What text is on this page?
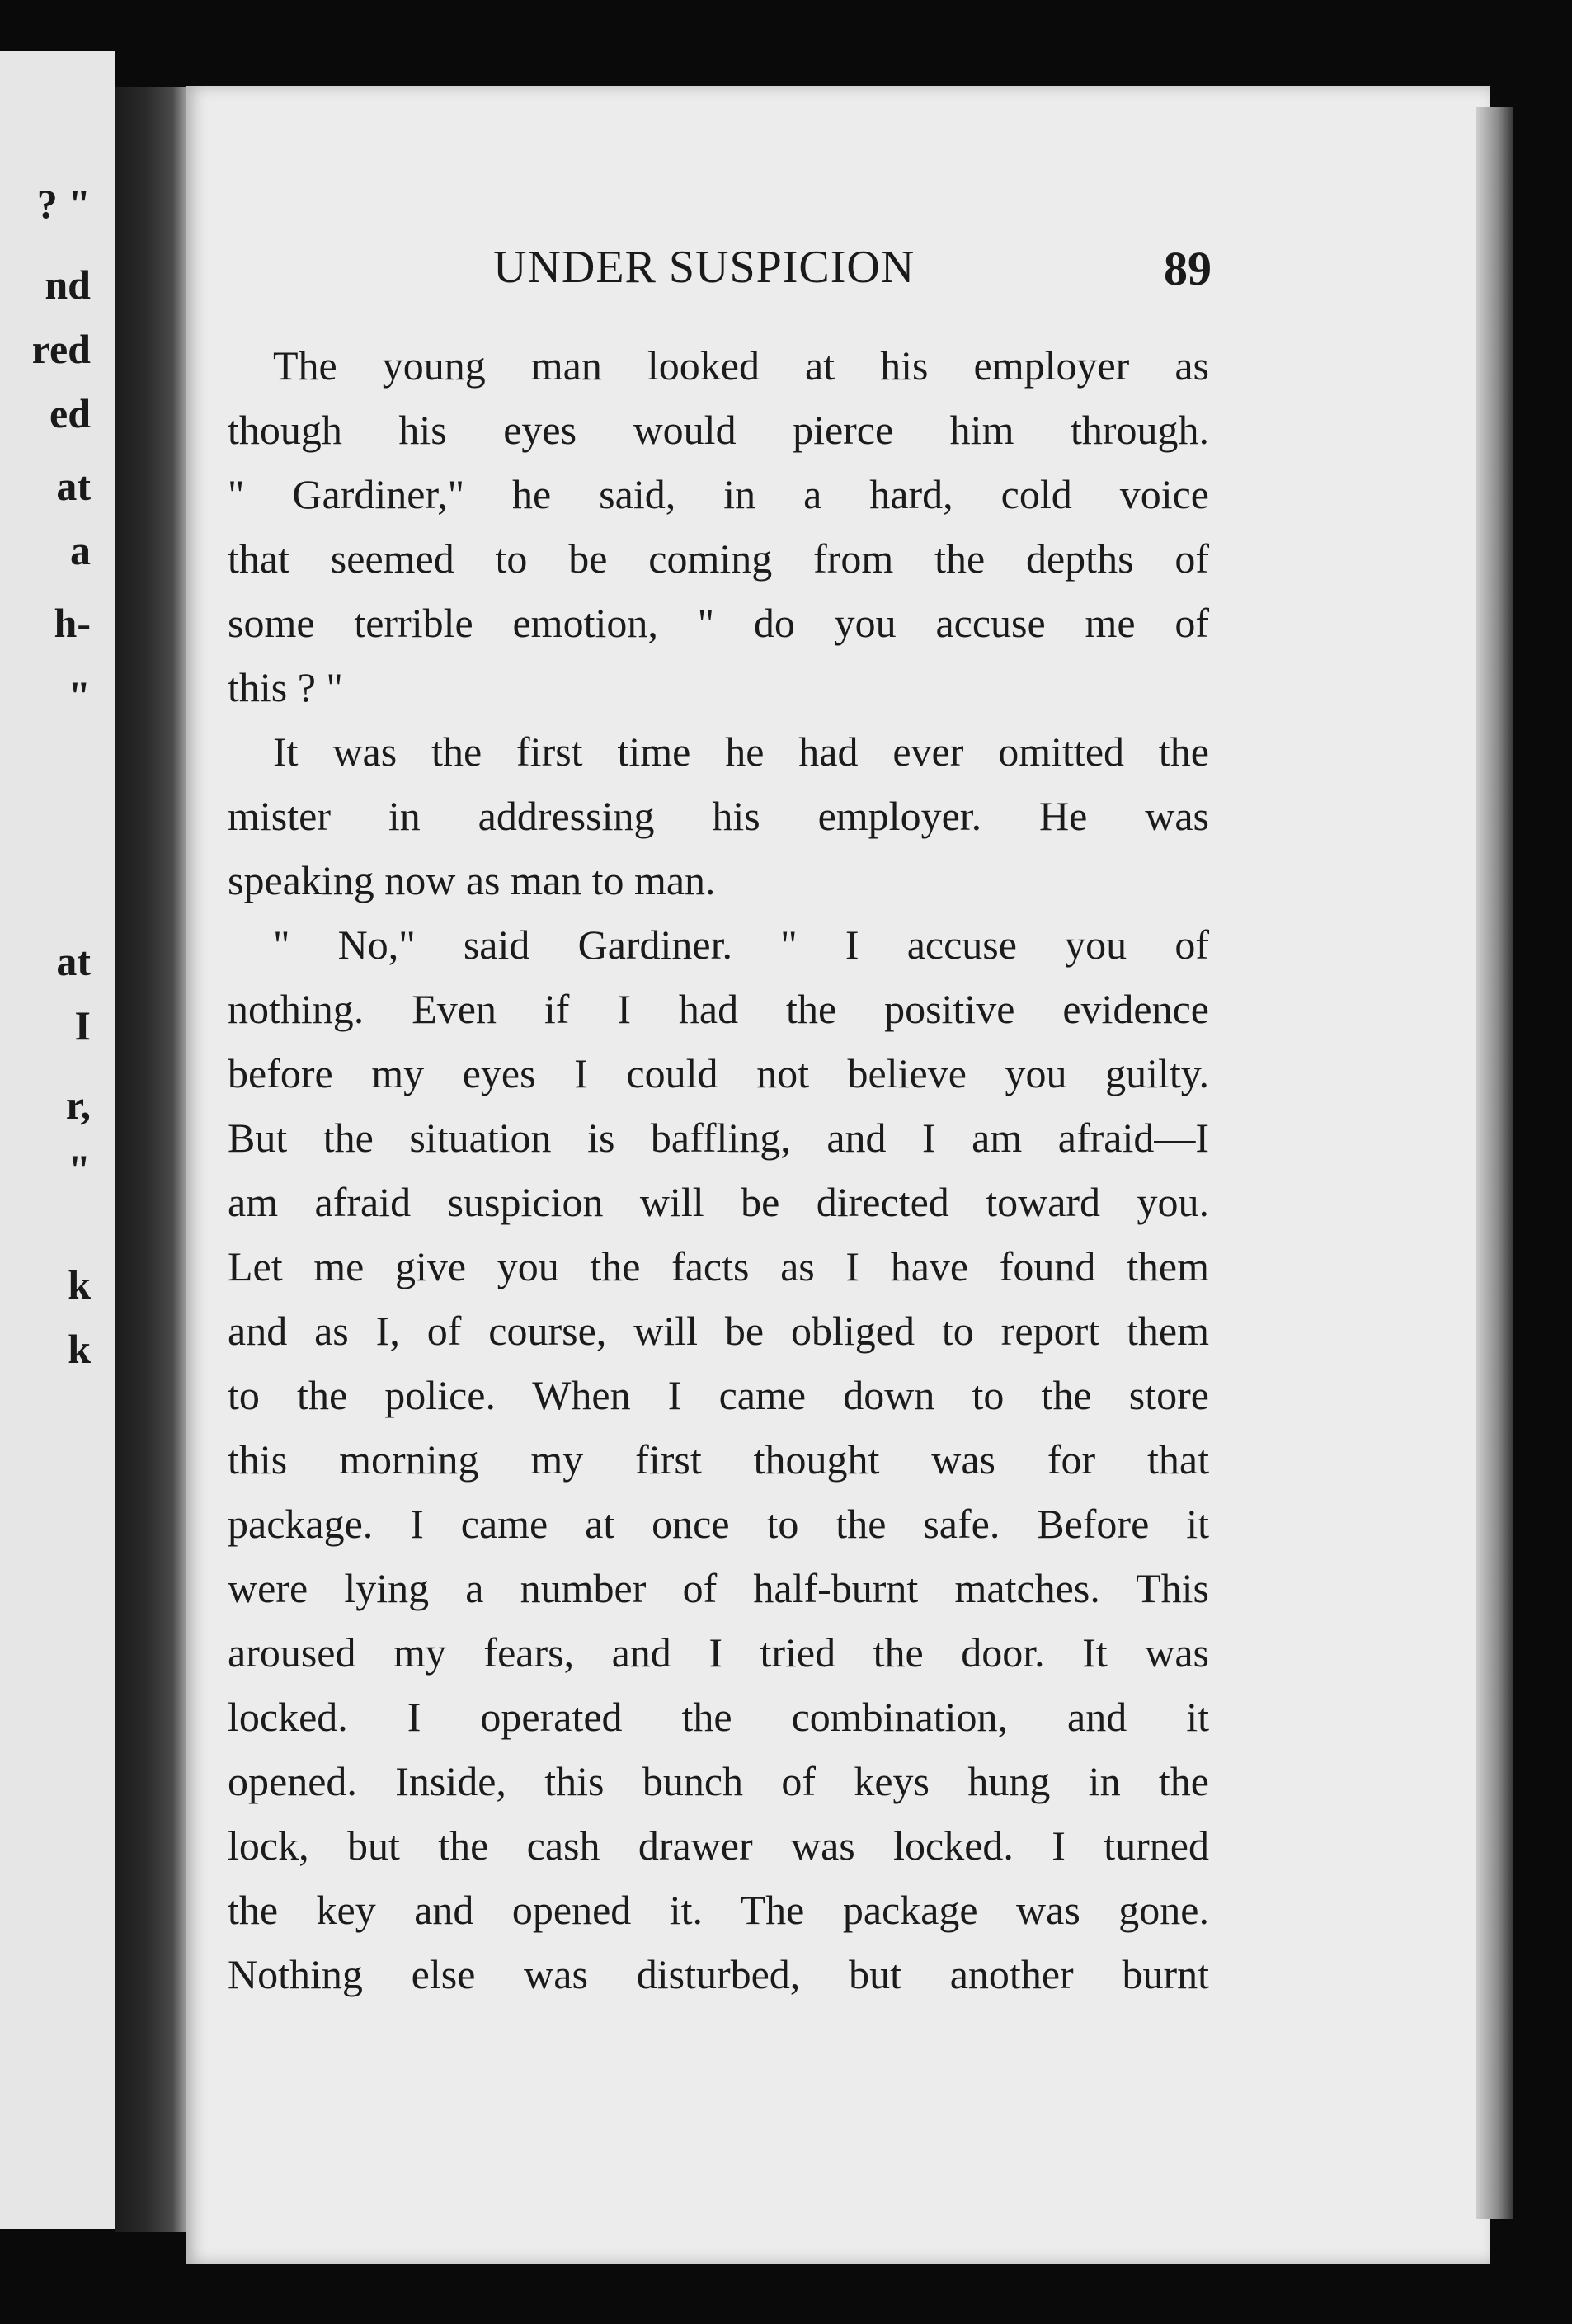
? "
nd
red
ed
at
a
h-
"
at
I
r,
"
k
k
UNDER SUSPICION	89
The young man looked at his employer as
though his eyes would pierce him through.
" Gardiner," he said, in a hard, cold voice
that seemed to be coming from the depths of
some terrible emotion, " do you accuse me of
this ? "
It was the first time he had ever omitted the
mister in addressing his employer. He was
speaking now as man to man.
" No," said Gardiner. " I accuse you of
nothing. Even if I had the positive evidence
before my eyes I could not believe you guilty.
But the situation is baffling, and I am afraid—I
am afraid suspicion will be directed toward you.
Let me give you the facts as I have found them
and as I, of course, will be obliged to report them
to the police. When I came down to the store
this morning my first thought was for that
package. I came at once to the safe. Before it
were lying a number of half-burnt matches. This
aroused my fears, and I tried the door. It was
locked. I operated the combination, and it
opened. Inside, this bunch of keys hung in the
lock, but the cash drawer was locked. I turned
the key and opened it. The package was gone.
Nothing else was disturbed, but another burnt
